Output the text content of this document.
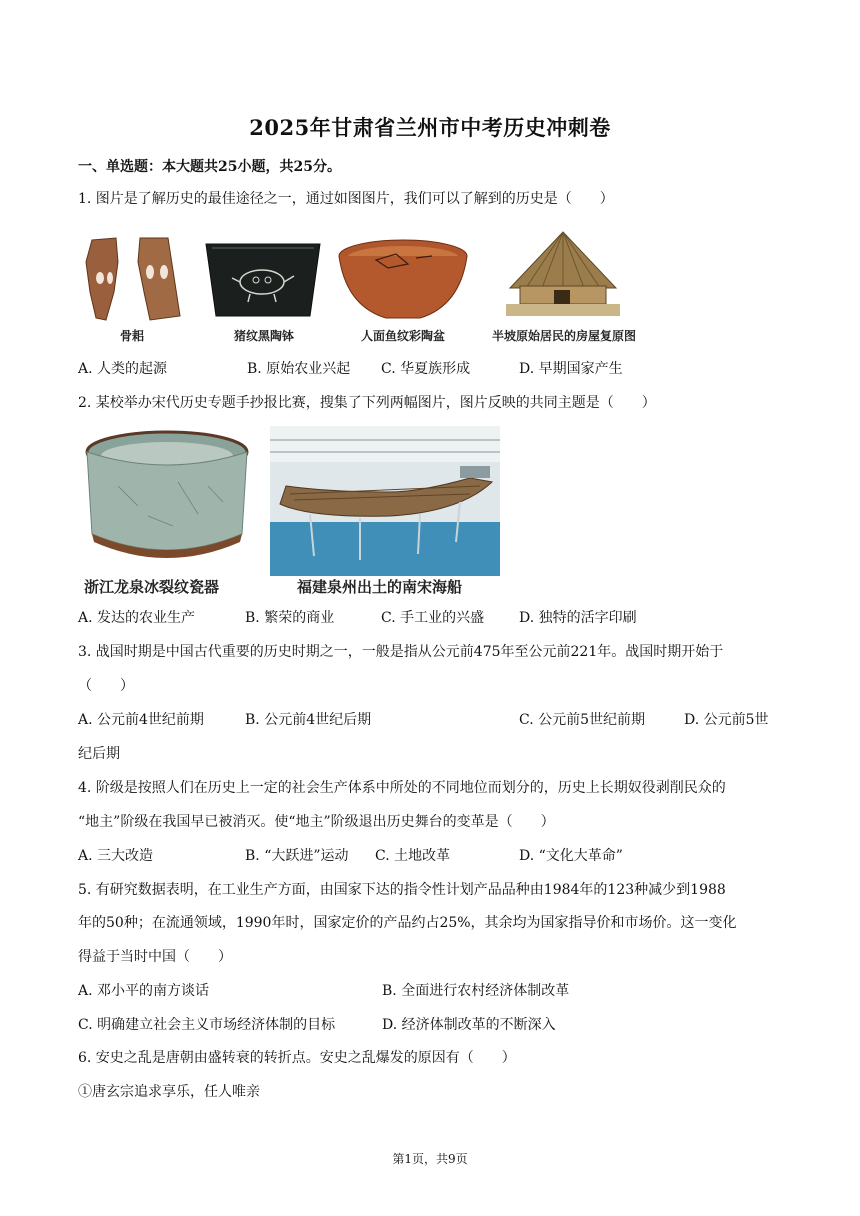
2025年甘肃省兰州市中考历史冲刺卷
一、单选题：本大题共25小题，共25分。
1. 图片是了解历史的最佳途径之一，通过如图图片，我们可以了解到的历史是（　　）
骨耜	猪纹黑陶钵	人面鱼纹彩陶盆	半坡原始居民的房屋复原图
A. 人类的起源	B. 原始农业兴起 C. 华夏族形成	D. 早期国家产生
2. 某校举办宋代历史专题手抄报比赛，搜集了下列两幅图片，图片反映的共同主题是（　　）
浙江龙泉冰裂纹瓷器	福建泉州出土的南宋海船
A. 发达的农业生产	B. 繁荣的商业	C. 手工业的兴盛 D. 独特的活字印刷
3. 战国时期是中国古代重要的历史时期之一，一般是指从公元前475年至公元前221年。战国时期开始于
（　　）
A. 公元前4世纪前期	B. 公元前4世纪后期	C. 公元前5世纪前期	D. 公元前5世
纪后期
4. 阶级是按照人们在历史上一定的社会生产体系中所处的不同地位而划分的，历史上长期奴役剥削民众的
“地主”阶级在我国早已被消灭。使“地主”阶级退出历史舞台的变革是（　　）
A. 三大改造	B. “大跃进”运动 C. 土地改革	D. “文化大革命”
5. 有研究数据表明，在工业生产方面，由国家下达的指令性计划产品品种由1984年的123种减少到1988
年的50种；在流通领域，1990年时，国家定价的产品约占25%，其余均为国家指导价和市场价。这一变化
得益于当时中国（　　）
A. 邓小平的南方谈话	B. 全面进行农村经济体制改革
C. 明确建立社会主义市场经济体制的目标	D. 经济体制改革的不断深入
6. 安史之乱是唐朝由盛转衰的转折点。安史之乱爆发的原因有（　　）
①唐玄宗追求享乐，任人唯亲
第1页，共9页
